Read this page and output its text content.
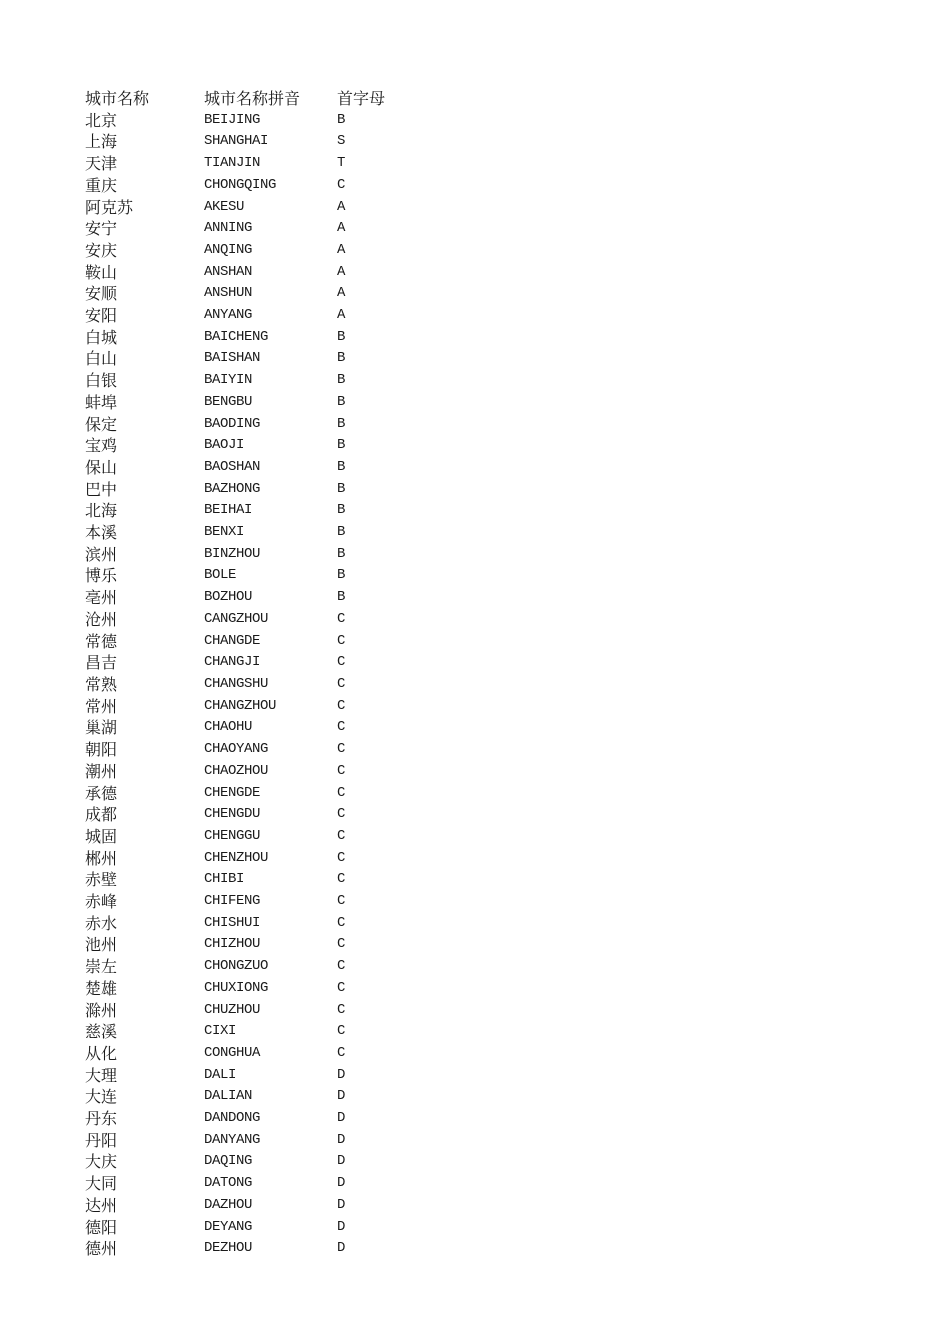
城市名称	城市名称拼音	首字母
北京	BEIJING	B
上海	SHANGHAI	S
天津	TIANJIN	T
重庆	CHONGQING	C
阿克苏	AKESU	A
安宁	ANNING	A
安庆	ANQING	A
鞍山	ANSHAN	A
安顺	ANSHUN	A
安阳	ANYANG	A
白城	BAICHENG	B
白山	BAISHAN	B
白银	BAIYIN	B
蚌埠	BENGBU	B
保定	BAODING	B
宝鸡	BAOJI	B
保山	BAOSHAN	B
巴中	BAZHONG	B
北海	BEIHAI	B
本溪	BENXI	B
滨州	BINZHOU	B
博乐	BOLE	B
亳州	BOZHOU	B
沧州	CANGZHOU	C
常德	CHANGDE	C
昌吉	CHANGJI	C
常熟	CHANGSHU	C
常州	CHANGZHOU	C
巢湖	CHAOHU	C
朝阳	CHAOYANG	C
潮州	CHAOZHOU	C
承德	CHENGDE	C
成都	CHENGDU	C
城固	CHENGGU	C
郴州	CHENZHOU	C
赤壁	CHIBI	C
赤峰	CHIFENG	C
赤水	CHISHUI	C
池州	CHIZHOU	C
崇左	CHONGZUO	C
楚雄	CHUXIONG	C
滁州	CHUZHOU	C
慈溪	CIXI	C
从化	CONGHUA	C
大理	DALI	D
大连	DALIAN	D
丹东	DANDONG	D
丹阳	DANYANG	D
大庆	DAQING	D
大同	DATONG	D
达州	DAZHOU	D
德阳	DEYANG	D
德州	DEZHOU	D
